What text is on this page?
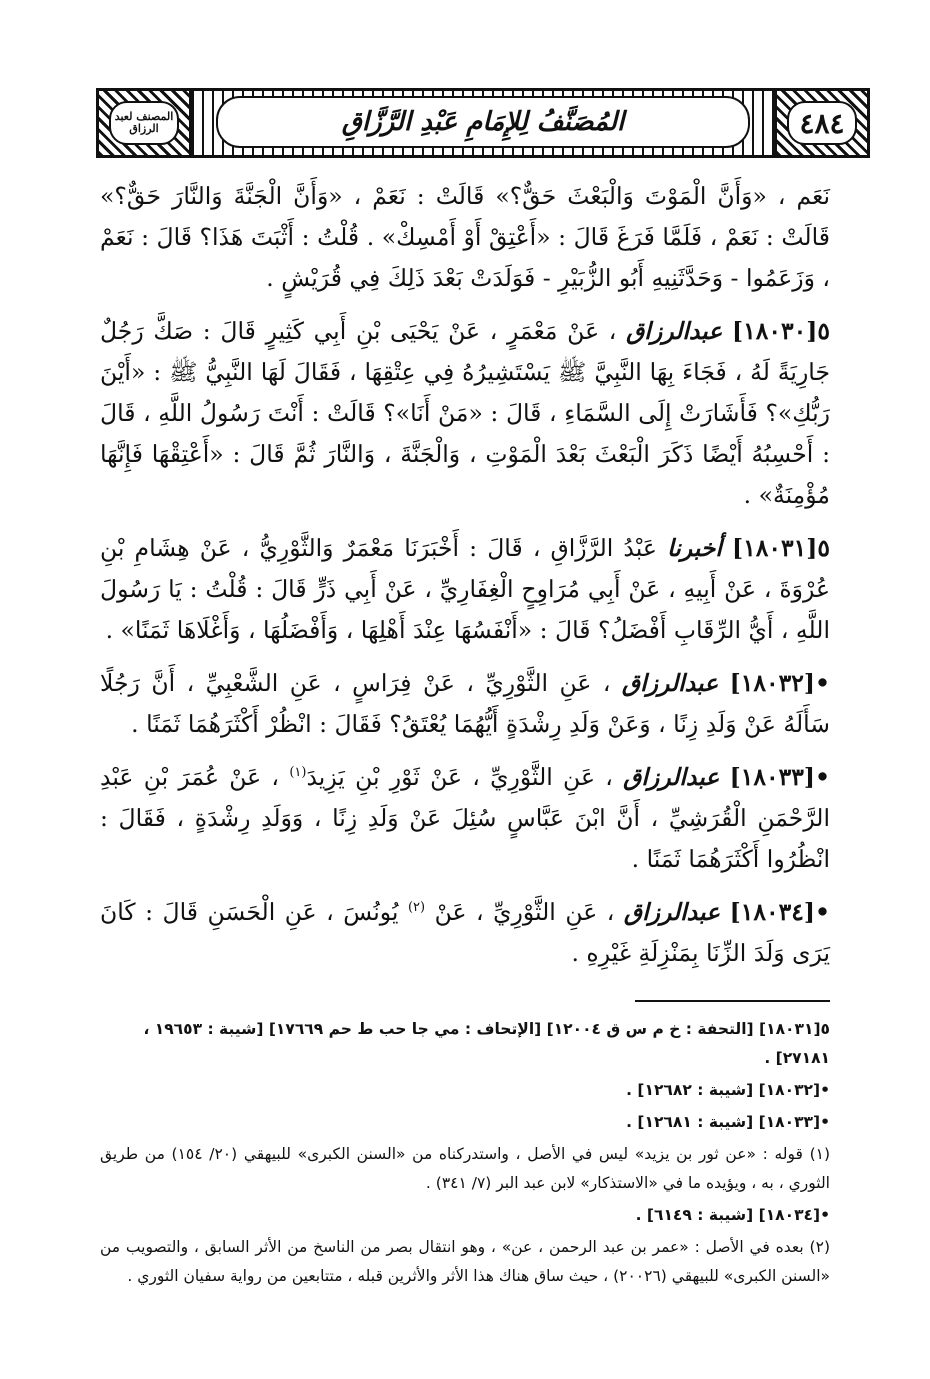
المصنف لعبد الرزاق	المُصَنَّفُ لِلإِمَامِ عَبْدِ الرَّزَّاقِ	٤٨٤

نَعَم ، «وَأَنَّ الْمَوْتَ وَالْبَعْثَ حَقٌّ؟» قَالَتْ : نَعَمْ ، «وَأَنَّ الْجَنَّةَ وَالنَّارَ حَقٌّ؟» قَالَتْ : نَعَمْ ، فَلَمَّا فَرَغَ قَالَ : «أَعْتِقْ أَوْ أَمْسِكْ» . قُلْتُ : أَثْبَتَ هَذَا؟ قَالَ : نَعَمْ ، وَزَعَمُوا - وَحَدَّثَنِيهِ أَبُو الزُّبَيْرِ - فَوَلَدَتْ بَعْدَ ذَلِكَ فِي قُرَيْشٍ .

٥[١٨٠٣٠] عبدالرزاق ، عَنْ مَعْمَرٍ ، عَنْ يَحْيَى بْنِ أَبِي كَثِيرٍ قَالَ : صَكَّ رَجُلٌ جَارِيَةً لَهُ ، فَجَاءَ بِهَا النَّبِيَّ ﷺ يَسْتَشِيرُهُ فِي عِتْقِهَا ، فَقَالَ لَهَا النَّبِيُّ ﷺ : «أَيْنَ رَبُّكِ»؟ فَأَشَارَتْ إِلَى السَّمَاءِ ، قَالَ : «مَنْ أَنَا»؟ قَالَتْ : أَنْتَ رَسُولُ اللَّهِ ، قَالَ : أَحْسِبُهُ أَيْضًا ذَكَرَ الْبَعْثَ بَعْدَ الْمَوْتِ ، وَالْجَنَّةَ ، وَالنَّارَ ثُمَّ قَالَ : «أَعْتِقْهَا فَإِنَّهَا مُؤْمِنَةٌ» .

٥[١٨٠٣١] أخبرنا عَبْدُ الرَّزَّاقِ ، قَالَ : أَخْبَرَنَا مَعْمَرٌ وَالثَّوْرِيُّ ، عَنْ هِشَامِ بْنِ عُرْوَةَ ، عَنْ أَبِيهِ ، عَنْ أَبِي مُرَاوِحٍ الْغِفَارِيِّ ، عَنْ أَبِي ذَرٍّ قَالَ : قُلْتُ : يَا رَسُولَ اللَّهِ ، أَيُّ الرِّقَابِ أَفْضَلُ؟ قَالَ : «أَنْفَسُهَا عِنْدَ أَهْلِهَا ، وَأَفْضَلُهَا ، وَأَغْلَاهَا ثَمَنًا» .

•[١٨٠٣٢] عبدالرزاق ، عَنِ الثَّوْرِيِّ ، عَنْ فِرَاسٍ ، عَنِ الشَّعْبِيِّ ، أَنَّ رَجُلًا سَأَلَهُ عَنْ وَلَدِ زِنًا ، وَعَنْ وَلَدِ رِشْدَةٍ أَيُّهُمَا يُعْتَقُ؟ فَقَالَ : انْظُرْ أَكْثَرَهُمَا ثَمَنًا .

•[١٨٠٣٣] عبدالرزاق ، عَنِ الثَّوْرِيِّ ، عَنْ ثَوْرِ بْنِ يَزِيدَ$^{(١)}$ ، عَنْ عُمَرَ بْنِ عَبْدِ الرَّحْمَنِ الْقُرَشِيِّ ، أَنَّ ابْنَ عَبَّاسٍ سُئِلَ عَنْ وَلَدِ زِنًا ، وَوَلَدِ رِشْدَةٍ ، فَقَالَ : انْظُرُوا أَكْثَرَهُمَا ثَمَنًا .

•[١٨٠٣٤] عبدالرزاق ، عَنِ الثَّوْرِيِّ ، عَنْ $^{(٢)}$ يُونُسَ ، عَنِ الْحَسَنِ قَالَ : كَانَ يَرَى وَلَدَ الزِّنَا بِمَنْزِلَةِ غَيْرِهِ .

٥[١٨٠٣١] [التحفة : خ م س ق ١٢٠٠٤] [الإتحاف : مي جا حب ط حم ١٧٦٦٩] [شيبة : ١٩٦٥٣ ، ٢٧١٨١] .

•[١٨٠٣٢] [شيبة : ١٢٦٨٢] .

•[١٨٠٣٣] [شيبة : ١٢٦٨١] .

(١) قوله : «عن ثور بن يزيد» ليس في الأصل ، واستدركناه من «السنن الكبرى» للبيهقي (٢٠/ ١٥٤) من طريق الثوري ، به ، ويؤيده ما في «الاستذكار» لابن عبد البر (٧/ ٣٤١) .

•[١٨٠٣٤] [شيبة : ٦١٤٩] .

(٢) بعده في الأصل : «عمر بن عبد الرحمن ، عن» ، وهو انتقال بصر من الناسخ من الأثر السابق ، والتصويب من «السنن الكبرى» للبيهقي (٢٠٠٢٦) ، حيث ساق هناك هذا الأثر والأثرين قبله ، متتابعين من رواية سفيان الثوري .
